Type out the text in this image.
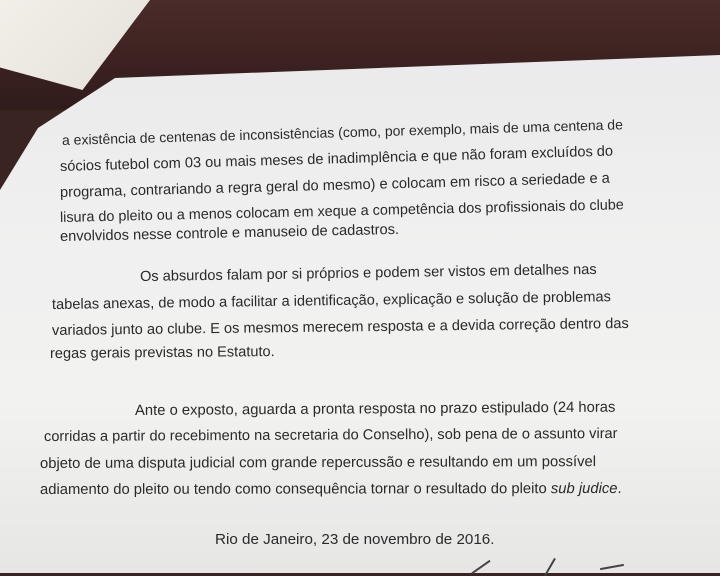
a existência de centenas de inconsistências (como, por exemplo, mais de uma centena de
sócios futebol com 03 ou mais meses de inadimplência e que não foram excluídos do
programa, contrariando a regra geral do mesmo) e colocam em risco a seriedade e a
lisura do pleito ou a menos colocam em xeque a competência dos profissionais do clube
envolvidos nesse controle e manuseio de cadastros.
Os absurdos falam por si próprios e podem ser vistos em detalhes nas
tabelas anexas, de modo a facilitar a identificação, explicação e solução de problemas
variados junto ao clube. E os mesmos merecem resposta e a devida correção dentro das
regas gerais previstas no Estatuto.
Ante o exposto, aguarda a pronta resposta no prazo estipulado (24 horas
corridas a partir do recebimento na secretaria do Conselho), sob pena de o assunto virar
objeto de uma disputa judicial com grande repercussão e resultando em um possível
adiamento do pleito ou tendo como consequência tornar o resultado do pleito sub judice.
Rio de Janeiro, 23 de novembro de 2016.
